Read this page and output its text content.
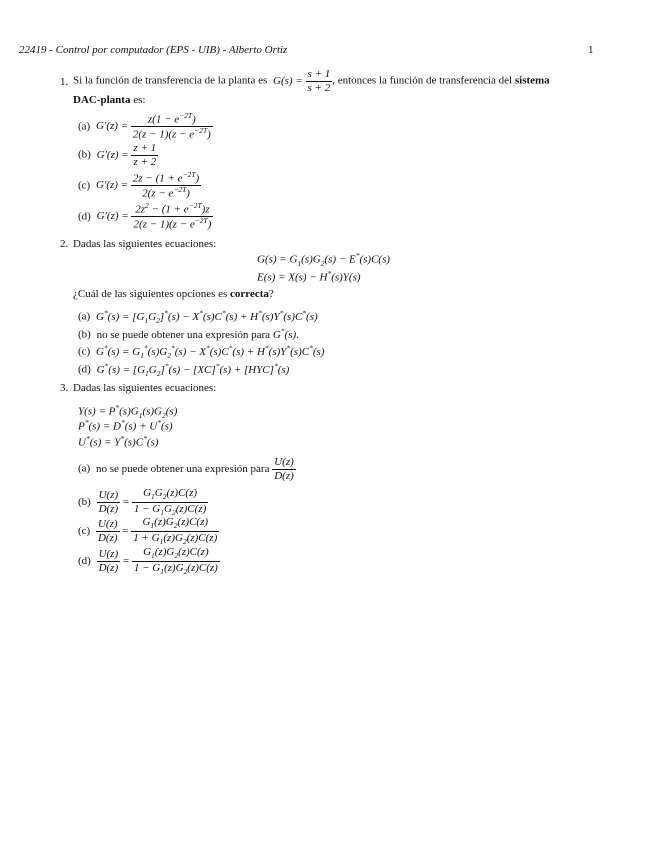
22419 - Control por computador (EPS - UIB) - Alberto Ortiz	1
1. Si la función de transferencia de la planta es $G(s) = \frac{s + 1}{s + 2}$ , entonces la función de transferencia del sistema
DAC-planta es:
(a) $G'(z) = \frac{z(1 - e^{-2T})}{2(z - 1)(z - e^{-2T})}$
(b) $G'(z) = \frac{z + 1}{z + 2}$
(c) $G'(z) = \frac{2z - (1 + e^{-2T})}{2(z - e^{-2T})}$
(d) $G'(z) = \frac{2z^2 - (1 + e^{-2T})z}{2(z - 1)(z - e^{-2T})}$
2. Dadas las siguientes ecuaciones:
$G(s) = G_1(s)G_2(s) - E^*(s)C(s)$
E(s) = X(s) − H*(s)Y(s)
¿Cuál de las siguientes opciones es correcta?
(a) $G^*(s) = [G_1G_2]^*(s) - X^*(s)C^*(s) + H^*(s)Y^*(s)C^*(s)$
(b) no se puede obtener una expresión para G*(s).
(c) $G^*(s) = G_1^*(s)G_2^*(s) - X^*(s)C^*(s) + H^*(s)Y^*(s)C^*(s)$
(d) $G^*(s) = [G_1G_2]^*(s) - [XC]^*(s) + [HYC]^*(s)$
3. Dadas las siguientes ecuaciones:
$Y(s) = P^*(s)G_1(s)G_2(s)$
P*(s) = D*(s) + U*(s)
U*(s) = Y*(s)C*(s)
(a) no se puede obtener una expresión para $\frac{U(z)}{D(z)}$
$(b) \frac{U(z)}{D(z)} = \frac{G_1G_2(z)C(z)}{1 - G_1G_2(z)C(z)}$
$(c) \frac{U(z)}{D(z)} = \frac{G_1(z)G_2(z)C(z)}{1 + G_1(z)G_2(z)C(z)}$
$(d) \frac{U(z)}{D(z)} = \frac{G_1(z)G_2(z)C(z)}{1 - G_1(z)G_2(z)C(z)}$
